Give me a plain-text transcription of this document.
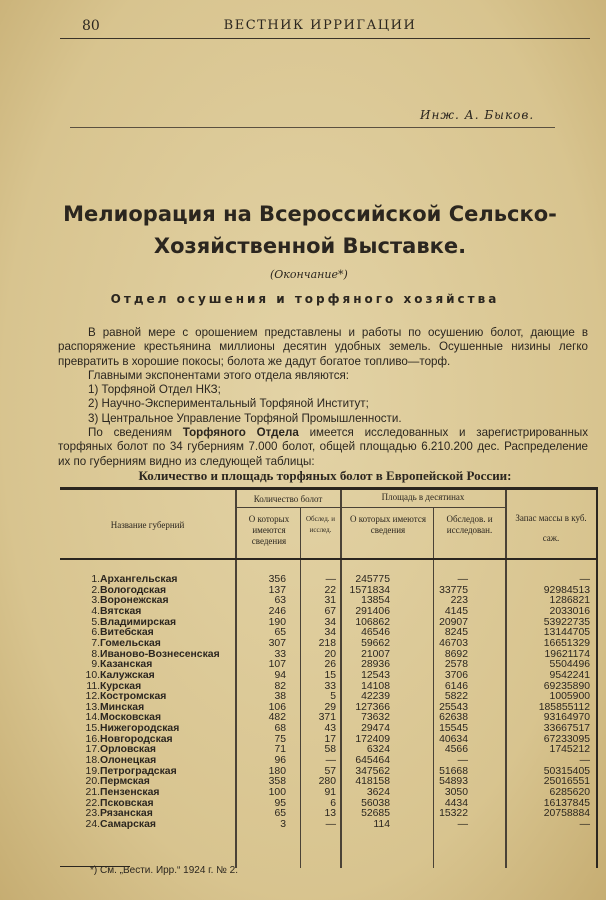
80	ВЕСТНИК ИРРИГАЦИИ
Инж. А. Быков.
Мелиорация на Всероссийской Сельско-
Хозяйственной Выставке.
(Окончание*)
Отдел осушения и торфяного хозяйства
В равной мере с орошением представлены и работы по осушению болот, дающие в распоряжение крестьянина миллионы десятин удобных земель. Осушенные низины легко превратить в хорошие покосы; болота же дадут богатое топливо—торф.
Главными экспонентами этого отдела являются:
1) Торфяной Отдел НКЗ;
2) Научно-Экспериментальный Торфяной Институт;
3) Центральное Управление Торфяной Промышленности.
По сведениям Торфяного Отдела имеется исследованных и зарегистрированных торфяных болот по 34 губерниям 7.000 болот, общей площадью 6.210.200 дес. Распределение их по губерниям видно из следующей таблицы:
Количество и площадь торфяных болот в Европейской России:
Название губерний
Количество болот
О которых имеются сведения
Обслед. и исслед.
Площадь в десятинах
О которых имеются сведения
Обследов. и исследован.
Запас массы в куб. саж.
1. Архангельская	356	— 245775	—	—
2. Вологодская	137	22 1571834	33775	92984513
3. Воронежская	63	31 13854	223	1286821
4. Вятская	246	67 291406	4145	2033016
5. Владимирская	190	34 106862	20907	53922735
6. Витебская	65	34 46546	8245	13144705
7. Гомельская	307	218 59662	46703	16651329
8. Иваново-Вознесенская	33	20 21007	8692	19621174
9. Казанская	107	26 28936	2578	5504496
10. Калужская	94	15 12543	3706	9542241
11. Курская	82	33 14108	6146	69235890
12. Костромская	38	5 42239	5822	1005900
13. Минская	106	29 127366	25543	185855112
14. Московская	482	371 73632	62638	93164970
15. Нижегородская	68	43 29474	15545	33667517
16. Новгородская	75	17 172409	40634	67233095
17. Орловская	71	58	6324	4566	1745212
18. Олонецкая	96	— 645464	—	—
19. Петроградская	180	57 347562	51668	50315405
20. Пермская	358	280 418158	54893	25016551
21. Пензенская	100	91	3624	3050	6285620
22. Псковская	95	6 56038	4434	16137845
23. Рязанская	65	13 52685	15322	20758884
24. Самарская	3	—	114	—	—
*) См. „Вести. Ирр.“ 1924 г. № 2.
